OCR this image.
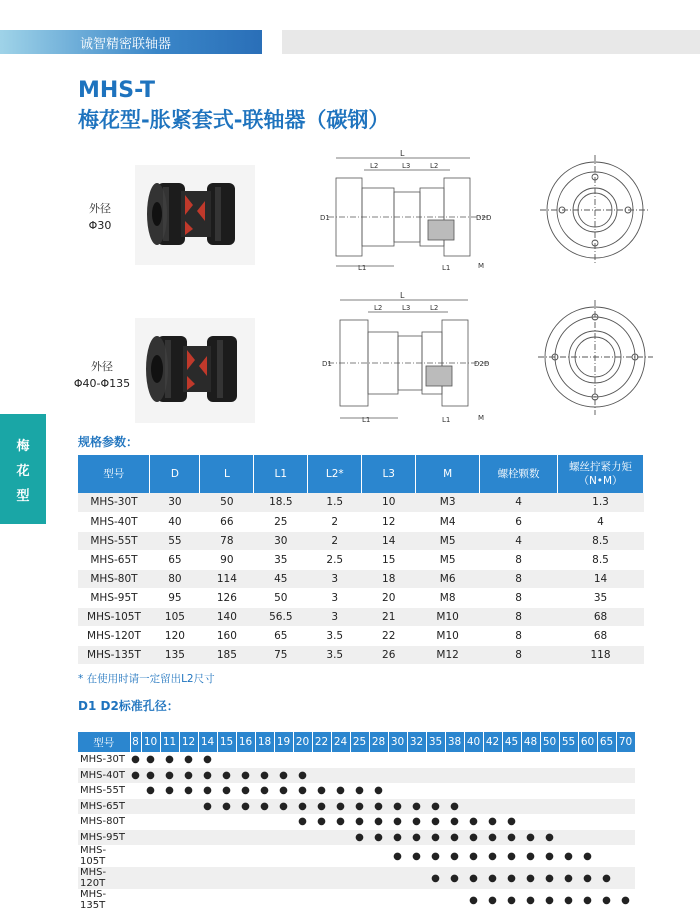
诚智精密联轴器
MHS-T
梅花型-胀紧套式-联轴器（碳钢）
梅
花
型
外径
Φ30
L
L2	L3	L2
D1	D2 D
L1	L1	M
外径
Φ40-Φ135
L
L2	L3	L2
D1	D2 D
L1	L1	M
规格参数：
型号	D	L	L1	L2*	L3	M	螺栓颗数	螺丝拧紧力矩
（N•M）
MHS-30T	30	50	18.5	1.5	10	M3	4	1.3
MHS-40T	40	66	25	2	12	M4	6	4
MHS-55T	55	78	30	2	14	M5	4	8.5
MHS-65T	65	90	35	2.5	15	M5	8	8.5
MHS-80T	80	114	45	3	18	M6	8	14
MHS-95T	95	126	50	3	20	M8	8	35
MHS-105T	105	140	56.5	3	21	M10	8	68
MHS-120T	120	160	65	3.5	22	M10	8	68
MHS-135T	135	185	75	3.5	26	M12	8	118
* 在使用时请一定留出L2尺寸
D1 D2标准孔径：
型号	8	10	11	12	14	15	16	18	19	20	22	24	25	28	30	32	35	38	40	42	45	48	50	55	60	65	70
MHS-30T	●	●	●	●	●																						
MHS-40T	●	●	●	●	●	●	●	●	●	●																	
MHS-55T		●	●	●	●	●	●	●	●	●	●	●	●	●													
MHS-65T					●	●	●	●	●	●	●	●	●	●	●	●	●	●									
MHS-80T										●	●	●	●	●	●	●	●	●	●	●	●						
MHS-95T													●	●	●	●	●	●	●	●	●	●	●				
MHS-105T															●	●	●	●	●	●	●	●	●	●	●		
MHS-120T																	●	●	●	●	●	●	●	●	●	●	
MHS-135T																			●	●	●	●	●	●	●	●	●
